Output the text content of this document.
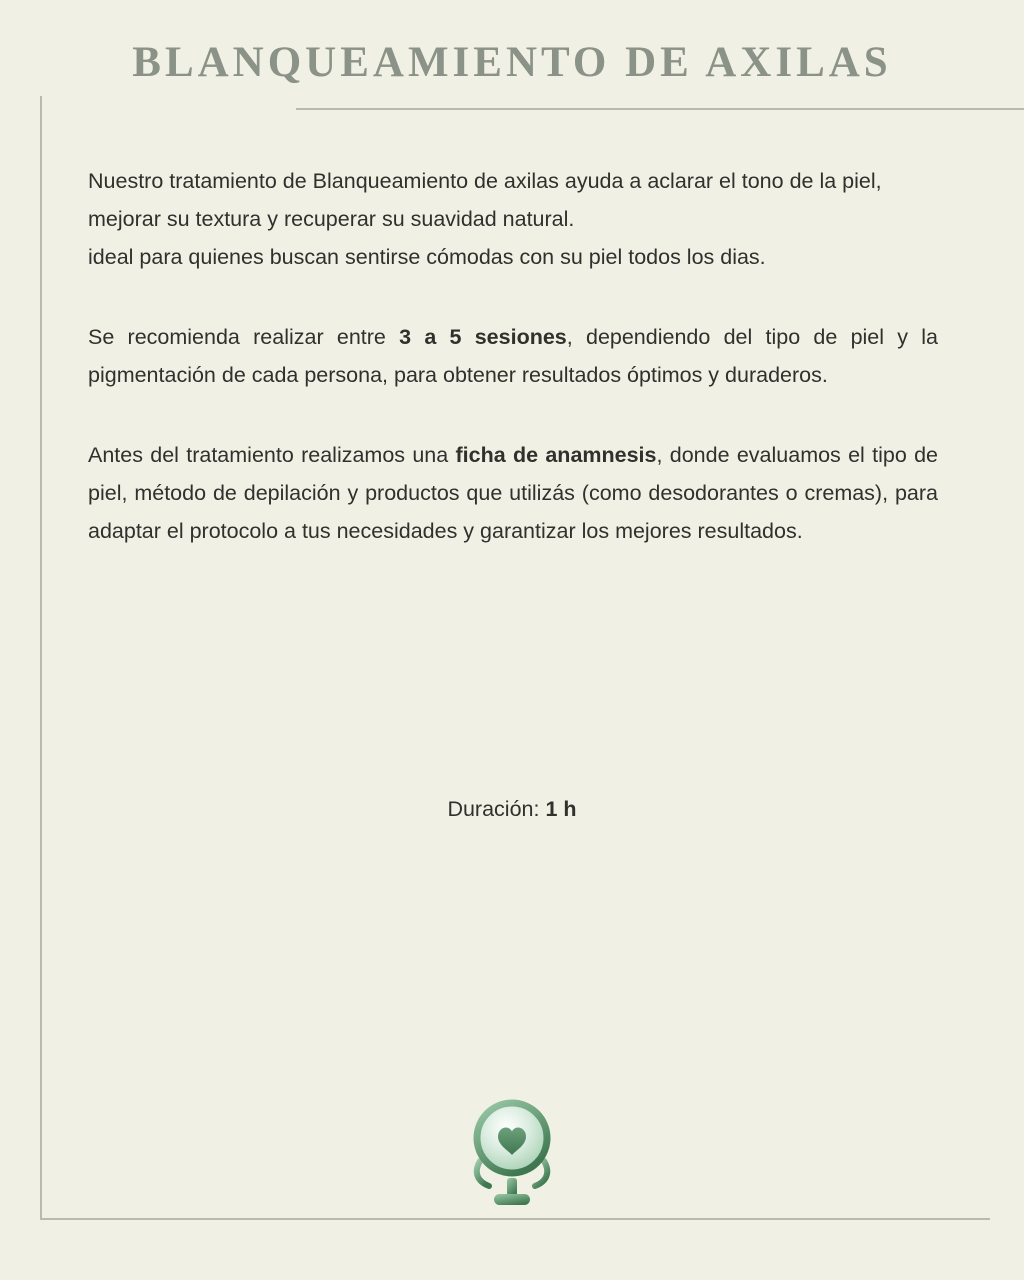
BLANQUEAMIENTO DE AXILAS

Nuestro tratamiento de Blanqueamiento de axilas ayuda a aclarar el tono de la piel, mejorar su textura y recuperar su suavidad natural.
ideal para quienes buscan sentirse cómodas con su piel todos los dias.

Se recomienda realizar entre 3 a 5 sesiones, dependiendo del tipo de piel y la pigmentación de cada persona, para obtener resultados óptimos y duraderos.

Antes del tratamiento realizamos una ficha de anamnesis, donde evaluamos el tipo de piel, método de depilación y productos que utilizás (como desodorantes o cremas), para adaptar el protocolo a tus necesidades y garantizar los mejores resultados.

Duración: 1 h
